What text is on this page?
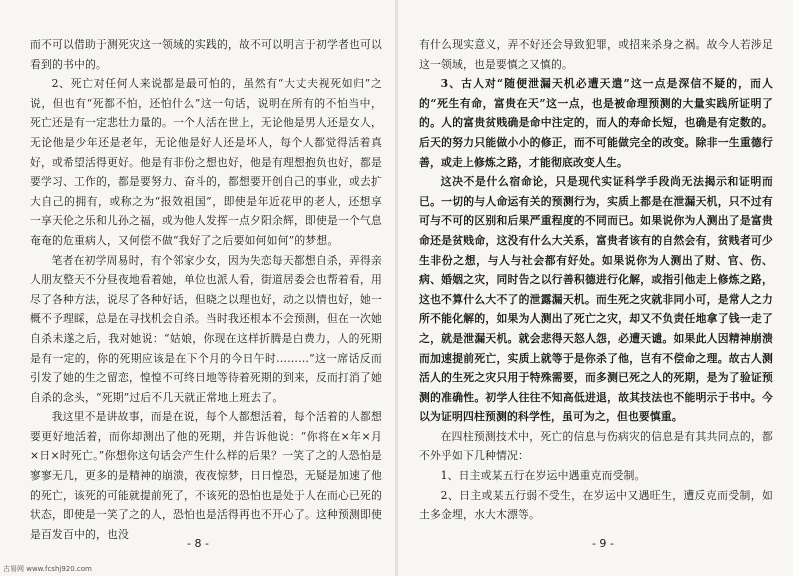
而不可以借助于测死灾这一领域的实践的，故不可以明言于初学者也可以看到的书中的。

2、死亡对任何人来说都是最可怕的，虽然有“大丈夫视死如归”之说，但也有“死都不怕，还怕什么”这一句话，说明在所有的不怕当中，死亡还是有一定悲壮力量的。一个人活在世上，无论他是男人还是女人，无论他是少年还是老年，无论他是好人还是坏人，每个人都觉得活着真好，或希望活得更好。他是有非份之想也好，他是有理想抱负也好，都是要学习、工作的，都是要努力、奋斗的，都想要开创自己的事业，或去扩大自己的拥有，或称之为“报效祖国”，即使是年近花甲的老人，还想享一享天伦之乐和儿孙之福，或为他人发挥一点夕阳余辉，即使是一个气息奄奄的危重病人，又何偿不做“我好了之后要如何如何”的梦想。

笔者在初学周易时，有个邻家少女，因为失恋每天都想自杀，弄得亲人朋友整天不分昼夜地看着她，单位也派人看，街道居委会也帮着看，用尽了各种方法，说尽了各种好话，但晓之以理也好，动之以情也好，她一概不予理睬，总是在寻找机会自杀。当时我还根本不会预测，但在一次她自杀未遂之后，我对她说：“姑娘，你现在这样折腾是白费力，人的死期是有一定的，你的死期应该是在下个月的今日午时………”这一席话反而引发了她的生之留恋，惶惶不可终日地等待着死期的到来，反而打消了她自杀的念头，“死期”过后不几天就正常地上班去了。

我这里不是讲故事，而是在说，每个人都想活着，每个活着的人都想要更好地活着，而你却测出了他的死期，并告诉他说：“你将在×年×月×日×时死亡。”你想你这句话会产生什么样的后果？一笑了之的人恐怕是寥寥无几，更多的是精神的崩溃，夜夜惊梦，日日惶恐，无疑是加速了他的死亡，该死的可能就提前死了，不该死的恐怕也是处于人在而心已死的状态，即使是一笑了之的人，恐怕也是活得再也不开心了。这种预测即使是百发百中的，也没

- 8 -

有什么现实意义，弄不好还会导致犯罪，或招来杀身之祸。故今人若涉足这一领域，也是要慎之又慎的。

3、古人对“随便泄漏天机必遭天遣”这一点是深信不疑的，而人的“死生有命，富贵在天”这一点，也是被命理预测的大量实践所证明了的。人的富贵贫贱确是命中注定的，而人的寿命长短，也确是有定数的。后天的努力只能做小小的修正，而不可能做完全的改变。除非一生重德行善，或走上修炼之路，才能彻底改变人生。

这决不是什么宿命论，只是现代实证科学手段尚无法揭示和证明而已。一切的与人命运有关的预测行为，实质上都是在泄漏天机，只不过有可与不可的区别和后果严重程度的不同而已。如果说你为人测出了是富贵命还是贫贱命，这没有什么大关系，富贵者该有的自然会有，贫贱者可少生非份之想，与人与社会都有好处。如果说你为人测出了财、官、伤、病、婚姻之灾，同时告之以行善积德进行化解，或指引他走上修炼之路，这也不算什么大不了的泄露漏天机。而生死之灾就非同小可，是常人之力所不能化解的，如果为人测出了死亡之灾，却又不负责任地拿了钱一走了之，就是泄漏天机。就会悲得天怒人怨，必遭天谴。如果此人因精神崩溃而加速提前死亡，实质上就等于是你杀了他，岂有不偿命之理。故古人测活人的生死之灾只用于特殊需要，而多测已死之人的死期，是为了验证预测的准确性。初学人往往不知高低进退，故其技法也不能明示于书中。今以为证明四柱预测的科学性，虽可为之，但也要慎重。

在四柱预测技术中，死亡的信息与伤病灾的信息是有其共同点的，都不外乎如下几种情况：

1、日主或某五行在岁运中遇重克而受制。

2、日主或某五行弱不受生，在岁运中又遇旺生，遭反克而受制，如土多金埋，水大木漂等。

- 9 -
古易网 www.fcshj920.com
